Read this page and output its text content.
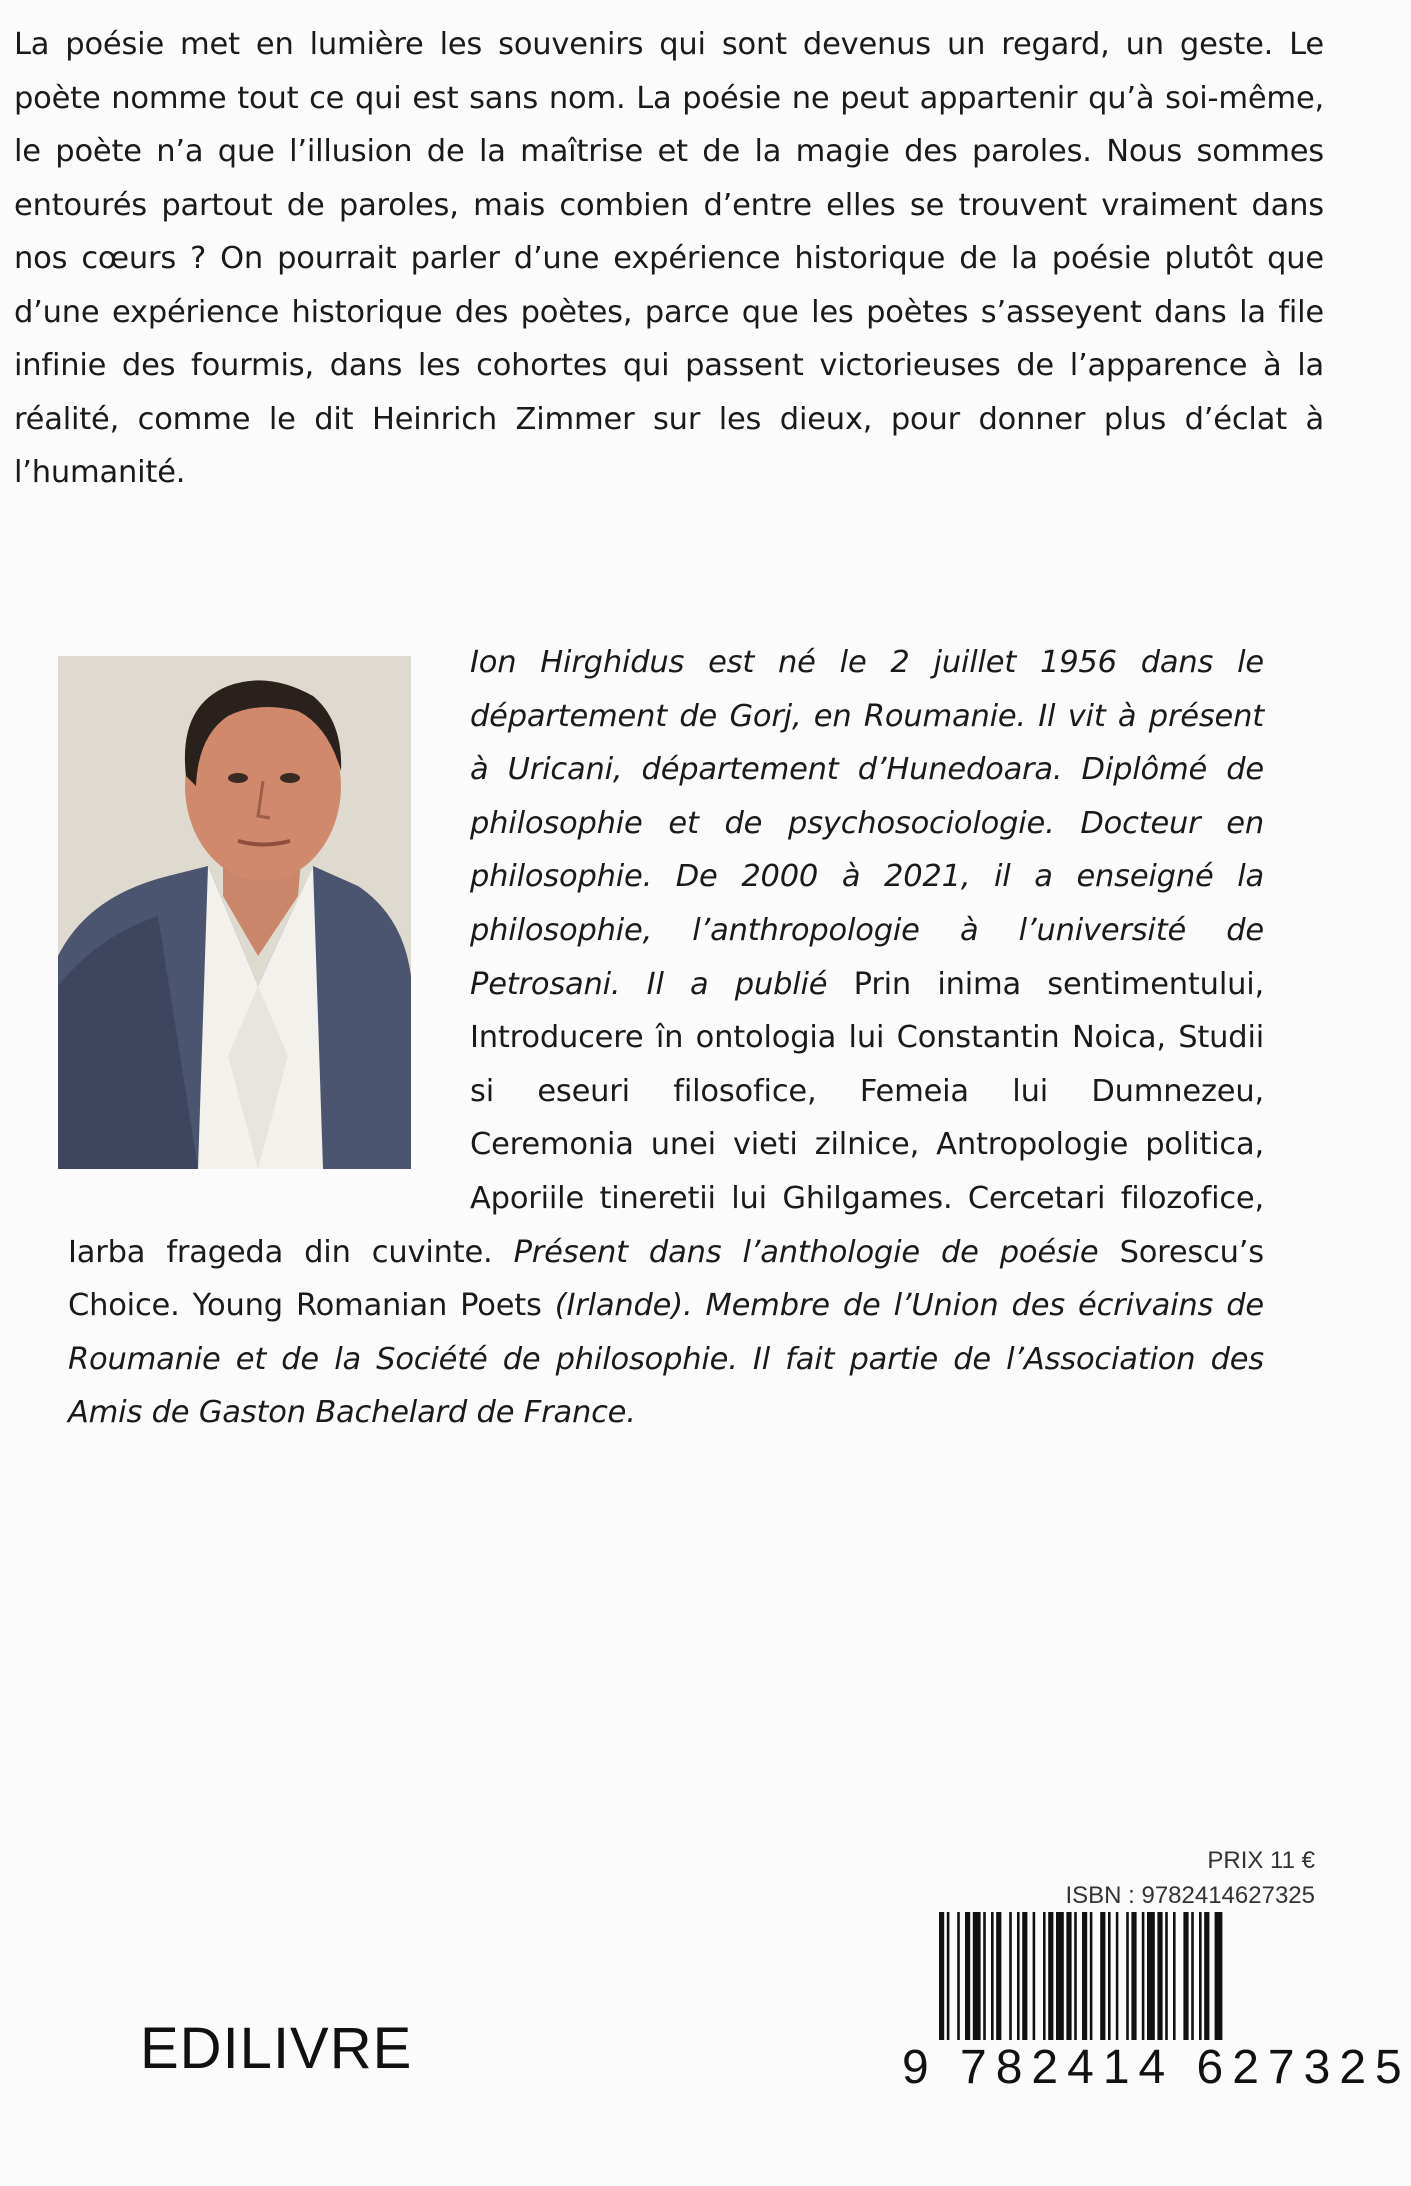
La poésie met en lumière les souvenirs qui sont devenus un regard, un geste. Le poète nomme tout ce qui est sans nom. La poésie ne peut appartenir qu’à soi-même, le poète n’a que l’illusion de la maîtrise et de la magie des paroles. Nous sommes entourés partout de paroles, mais combien d’entre elles se trouvent vraiment dans nos cœurs ? On pourrait parler d’une expérience historique de la poésie plutôt que d’une expérience historique des poètes, parce que les poètes s’asseyent dans la file infinie des fourmis, dans les cohortes qui passent victorieuses de l’apparence à la réalité, comme le dit Heinrich Zimmer sur les dieux, pour donner plus d’éclat à l’humanité.

Ion Hirghidus est né le 2 juillet 1956 dans le département de Gorj, en Roumanie. Il vit à présent à Uricani, département d’Hunedoara. Diplômé de philosophie et de psychosociologie. Docteur en philosophie. De 2000 à 2021, il a enseigné la philosophie, l’anthropologie à l’université de Petrosani. Il a publié Prin inima sentimentului, Introducere în ontologia lui Constantin Noica, Studii si eseuri filosofice, Femeia lui Dumnezeu, Ceremonia unei vieti zilnice, Antropologie politica, Aporiile tineretii lui Ghilgames. Cercetari filozofice, Iarba frageda din cuvinte. Présent dans l’anthologie de poésie Sorescu’s Choice. Young Romanian Poets (Irlande). Membre de l’Union des écrivains de Roumanie et de la Société de philosophie. Il fait partie de l’Association des Amis de Gaston Bachelard de France.

PRIX 11 €
ISBN : 9782414627325
9 782414 627325
EDILIVRE
